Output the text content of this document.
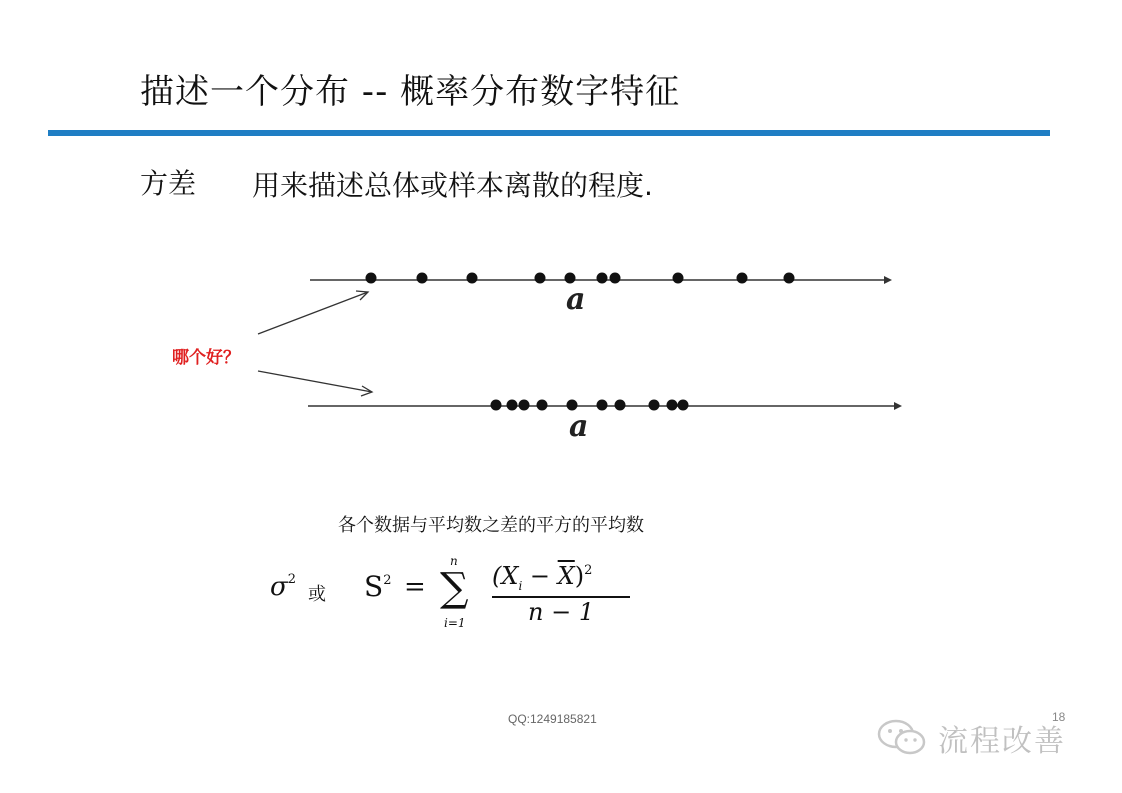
描述一个分布 -- 概率分布数字特征
方差 用来描述总体或样本离散的程度.
a
a
哪个好？
各个数据与平均数之差的平方的平均数
$\sigma^2$
或 $S^2$ =
n
∑
i=1
$(X_i - \overline{X})^2$
n − 1
QQ:1249185821	18
流程改善
